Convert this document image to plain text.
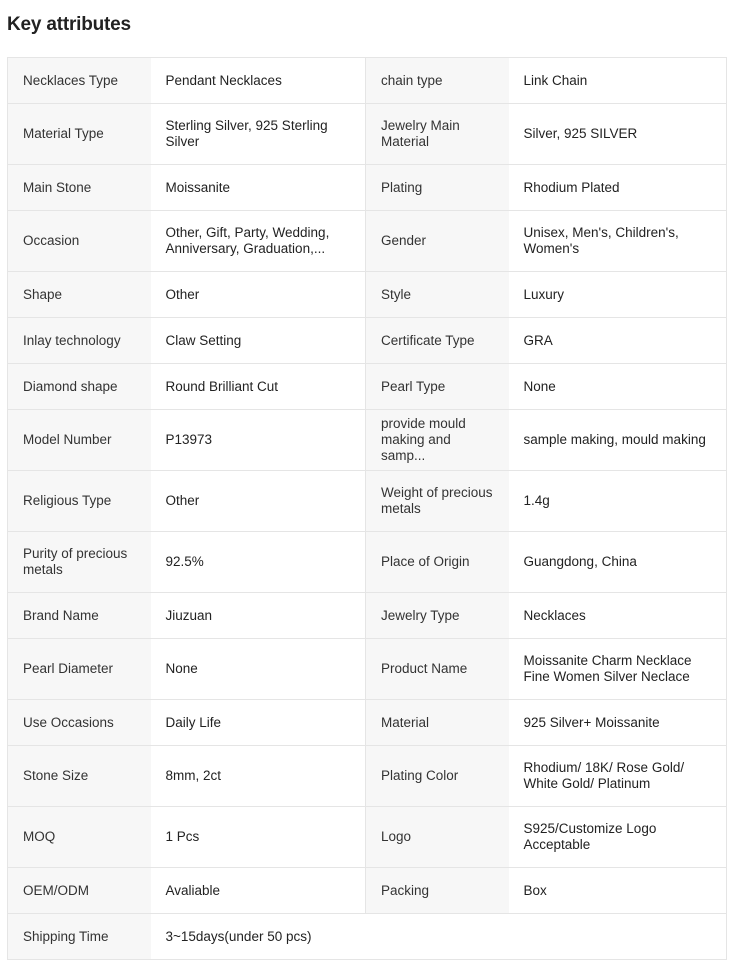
Key attributes
Necklaces Type	Pendant Necklaces	chain type	Link Chain
Material Type	Sterling Silver, 925 Sterling Silver	Jewelry Main Material	Silver, 925 SILVER
Main Stone	Moissanite	Plating	Rhodium Plated
Occasion	Other, Gift, Party, Wedding, Anniversary, Graduation,...	Gender	Unisex, Men's, Children's, Women's
Shape	Other	Style	Luxury
Inlay technology	Claw Setting	Certificate Type	GRA
Diamond shape	Round Brilliant Cut	Pearl Type	None
Model Number	P13973	provide mould making and samp...	sample making, mould making
Religious Type	Other	Weight of precious metals	1.4g
Purity of precious metals	92.5%	Place of Origin	Guangdong, China
Brand Name	Jiuzuan	Jewelry Type	Necklaces
Pearl Diameter	None	Product Name	Moissanite Charm Necklace Fine Women Silver Neclace
Use Occasions	Daily Life	Material	925 Silver+ Moissanite
Stone Size	8mm, 2ct	Plating Color	Rhodium/ 18K/ Rose Gold/ White Gold/ Platinum
MOQ	1 Pcs	Logo	S925/Customize Logo Acceptable
OEM/ODM	Avaliable	Packing	Box
Shipping Time	3~15days(under 50 pcs)		
